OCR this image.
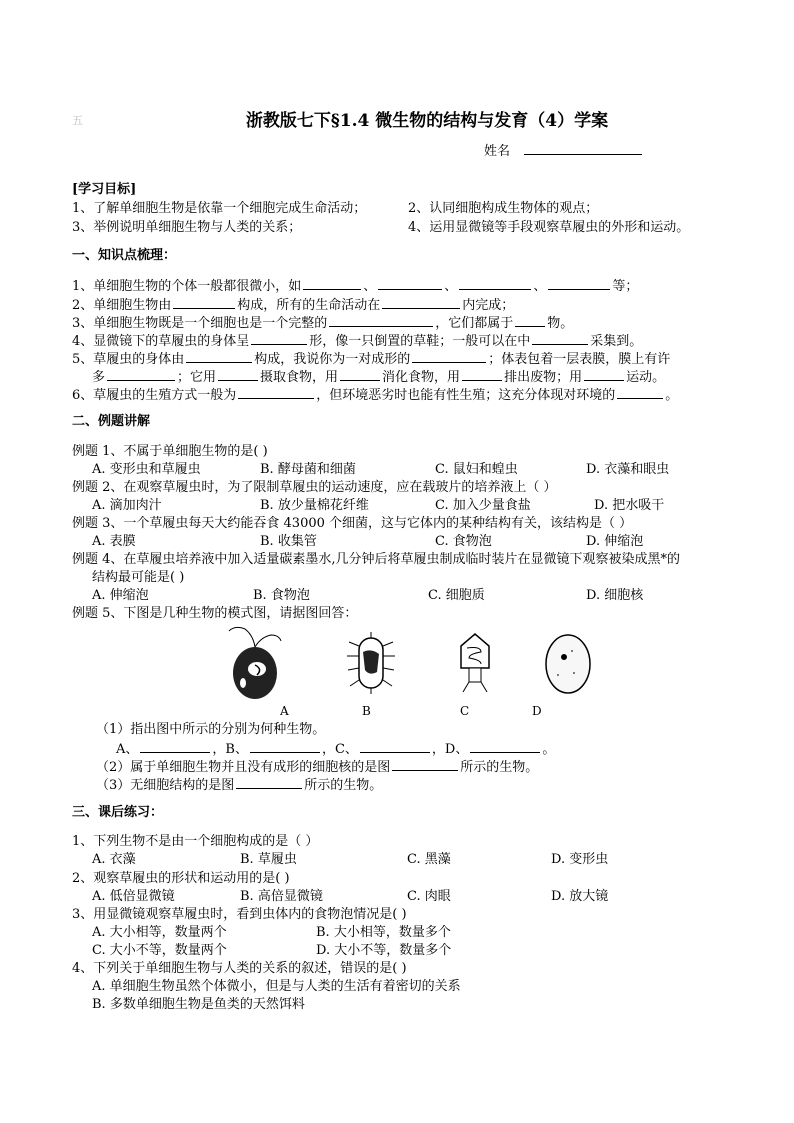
五	浙教版七下§1.4 微生物的结构与发育（4）学案
姓名
[学习目标]
1、了解单细胞生物是依靠一个细胞完成生命活动；	2、认同细胞构成生物体的观点；
3、举例说明单细胞生物与人类的关系；	4、运用显微镜等手段观察草履虫的外形和运动。
一、知识点梳理：
1、单细胞生物的个体一般都很微小，如	、	、	、	等；
2、单细胞生物由	构成，所有的生命活动在	内完成；
3、单细胞生物既是一个细胞也是一个完整的	，它们都属于	物。
4、显微镜下的草履虫的身体呈	形，像一只倒置的草鞋；一般可以在中	采集到。
5、草履虫的身体由	构成，我说你为一对成形的	；体表包着一层表膜，膜上有许
多	；它用	摄取食物，用	消化食物，用	排出废物；用	运动。
6、草履虫的生殖方式一般为	，但环境恶劣时也能有性生殖；这充分体现对环境的	。
二、例题讲解
例题 1、不属于单细胞生物的是( )
A. 变形虫和草履虫	B. 酵母菌和细菌	C. 鼠妇和蝗虫	D. 衣藻和眼虫
例题 2、在观察草履虫时，为了限制草履虫的运动速度，应在载玻片的培养液上（ ）
A. 滴加肉汁	B. 放少量棉花纤维	C. 加入少量食盐	D. 把水吸干
例题 3、一个草履虫每天大约能吞食 43000 个细菌，这与它体内的某种结构有关，该结构是（ ）
A. 表膜	B. 收集管	C. 食物泡	D. 伸缩泡
例题 4、在草履虫培养液中加入适量碳素墨水,几分钟后将草履虫制成临时装片在显微镜下观察被染成黑*的
结构最可能是( )
A. 伸缩泡	B. 食物泡	C. 细胞质	D. 细胞核
例题 5、下图是几种生物的模式图，请据图回答：
A	B	C	D
（1）指出图中所示的分别为何种生物。
A、	，B、	，C、	，D、	。
（2）属于单细胞生物并且没有成形的细胞核的是图	所示的生物。
（3）无细胞结构的是图	所示的生物。
三、课后练习：
1、下列生物不是由一个细胞构成的是（ ）
A. 衣藻	B. 草履虫	C. 黑藻	D. 变形虫
2、观察草履虫的形状和运动用的是( )
A. 低倍显微镜	B. 高倍显微镜	C. 肉眼	D. 放大镜
3、用显微镜观察草履虫时，看到虫体内的食物泡情况是( )
A. 大小相等，数量两个	B. 大小相等，数量多个
C. 大小不等，数量两个	D. 大小不等，数量多个
4、下列关于单细胞生物与人类的关系的叙述，错误的是( )
A. 单细胞生物虽然个体微小，但是与人类的生活有着密切的关系
B. 多数单细胞生物是鱼类的天然饵料
